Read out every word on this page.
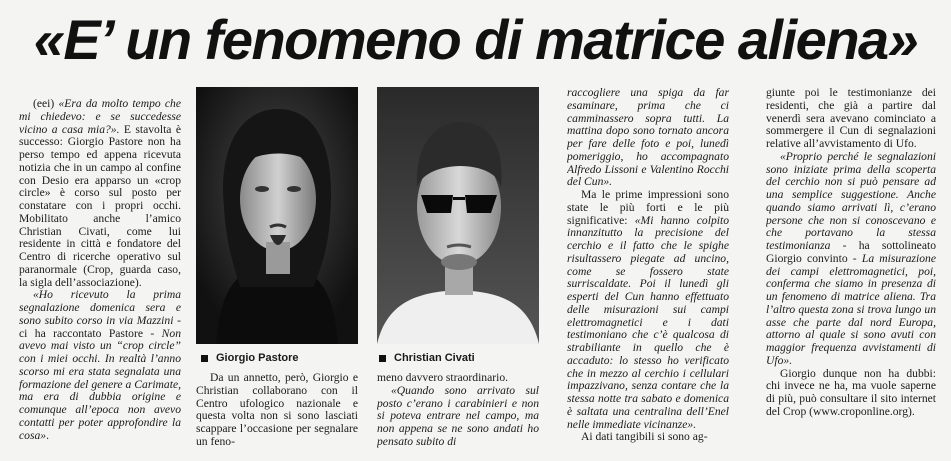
«E’ un fenomeno di matrice aliena»

(eei) «Era da molto tempo che mi chiedevo: e se succedesse vicino a casa mia?». E stavolta è successo: Giorgio Pastore non ha perso tempo ed appena ricevuta notizia che in un campo al confine con Desio era apparso un «crop circle» è corso sul posto per constatare con i propri occhi. Mobilitato anche l’amico Christian Civati, come lui residente in città e fondatore del Centro di ricerche operativo sul paranormale (Crop, guarda caso, la sigla dell’associazione).

«Ho ricevuto la prima segnalazione domenica sera e sono subito corso in via Mazzini - ci ha raccontato Pastore - Non avevo mai visto un “crop circle” con i miei occhi. In realtà l’anno scorso mi era stata segnalata una formazione del genere a Carimate, ma era di dubbia origine e comunque all’epoca non avevo contatti per poter approfondire la cosa».

Giorgio Pastore	Christian Civati

Da un annetto, però, Giorgio e Christian collaborano con il Centro ufologico nazionale e questa volta non si sono lasciati scappare l’occasione per segnalare un feno-

meno davvero straordinario.

«Quando sono arrivato sul posto c’erano i carabinieri e non si poteva entrare nel campo, ma non appena se ne sono andati ho pensato subito di

raccogliere una spiga da far esaminare, prima che ci camminassero sopra tutti. La mattina dopo sono tornato ancora per fare delle foto e poi, lunedì pomeriggio, ho accompagnato Alfredo Lissoni e Valentino Rocchi del Cun».

Ma le prime impressioni sono state le più forti e le più significative: «Mi hanno colpito innanzitutto la precisione del cerchio e il fatto che le spighe risultassero piegate ad uncino, come se fossero state surriscaldate. Poi il lunedì gli esperti del Cun hanno effettuato delle misurazioni sui campi elettromagnetici e i dati testimoniano che c’è qualcosa di strabiliante in quello che è accaduto: lo stesso ho verificato che in mezzo al cerchio i cellulari impazzivano, senza contare che la stessa notte tra sabato e domenica è saltata una centralina dell’Enel nelle immediate vicinanze».

Ai dati tangibili si sono ag-

giunte poi le testimonianze dei residenti, che già a partire dal venerdì sera avevano cominciato a sommergere il Cun di segnalazioni relative all’avvistamento di Ufo.

«Proprio perché le segnalazioni sono iniziate prima della scoperta del cerchio non si può pensare ad una semplice suggestione. Anche quando siamo arrivati lì, c’erano persone che non si conoscevano e che portavano la stessa testimonianza - ha sottolineato Giorgio convinto - La misurazione dei campi elettromagnetici, poi, conferma che siamo in presenza di un fenomeno di matrice aliena. Tra l’altro questa zona si trova lungo un asse che parte dal nord Europa, attorno al quale si sono avuti con maggior frequenza avvistamenti di Ufo».

Giorgio dunque non ha dubbi: chi invece ne ha, ma vuole saperne di più, può consultare il sito internet del Crop (www.croponline.org).
